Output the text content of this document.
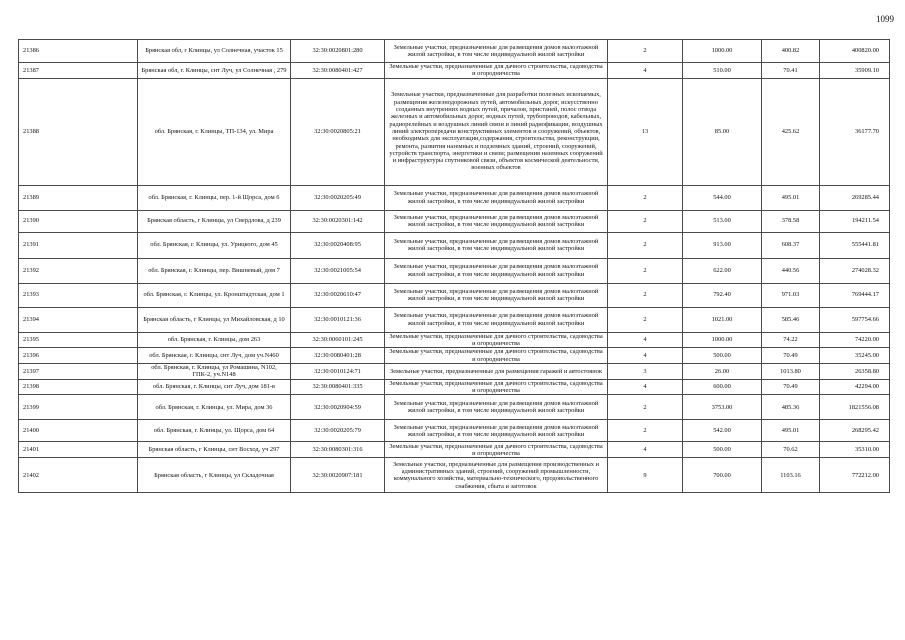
1099
21386	Брянская обл, г Клинцы, ул Солнечная, участок 15	32:30:0020801:280	Земельные участки, предназначенные для размещения домов малоэтажной жилой застройки, в том числе индивидуальной жилой застройки	2	1000.00	400.82	400820.00
21387	Брянская обл, г. Клинцы, снт Луч, ул Солнечная , 279	32:30:0080401:427	Земельные участки, предназначенные для дачного строительства, садоводства и огородничества	4	510.00	70.41	35909.10
21388	обл. Брянская, г. Клинцы, ТП-134, ул. Мира	32:30:0020805:21	Земельные участки, предназначенные для разработки полезных ископаемых, размещения железнодорожных путей, автомобильных дорог, искусственно созданных внутренних водных путей, причалов, пристаней, полос отвода железных и автомобильных дорог, водных путей, трубопроводов, кабельных, радиорелейных и воздушных линий связи и линий радиофикации, воздушных линий электропередачи конструктивных элементов и сооружений, объектов, необходимых для эксплуатации,содержания, строительства, реконструкции, ремонта, развития наземных и подземных зданий, строений, сооружений, устройств транспорта, энергетики и связи; размещения наземных сооружений и инфраструктуры спутниковой связи, объектов космической деятельности, военных объектов	13	85.00	425.62	36177.70
21389	обл. Брянская, г. Клинцы, пер. 1-й Щорса, дом 6	32:30:0020205:49	Земельные участки, предназначенные для размещения домов малоэтажной жилой застройки, в том числе индивидуальной жилой застройки	2	544.00	495.01	269285.44
21390	Брянская область, г Клинцы, ул Свердлова, д 239	32:30:0020301:142	Земельные участки, предназначенные для размещения домов малоэтажной жилой застройки, в том числе индивидуальной жилой застройки	2	513.00	378.58	194211.54
21391	обл. Брянская, г. Клинцы, ул. Урицкого, дом 45	32:30:0020408:95	Земельные участки, предназначенные для размещения домов малоэтажной жилой застройки, в том числе индивидуальной жилой застройки	2	913.00	608.37	555441.81
21392	обл. Брянская, г. Клинцы, пер. Вишневый, дом 7	32:30:0021005:54	Земельные участки, предназначенные для размещения домов малоэтажной жилой застройки, в том числе индивидуальной жилой застройки	2	622.00	440.56	274028.32
21393	обл. Брянская, г. Клинцы, ул. Кронштадтская, дом 1	32:30:0020610:47	Земельные участки, предназначенные для размещения домов малоэтажной жилой застройки, в том числе индивидуальной жилой застройки	2	792.40	971.03	769444.17
21394	Брянская область, г Клинцы, ул Михайловская, д 10	32:30:0010121:36	Земельные участки, предназначенные для размещения домов малоэтажной жилой застройки, в том числе индивидуальной жилой застройки	2	1021.00	585.46	597754.66
21395	обл. Брянская, г. Клинцы, дом 263	32:30:0060101:245	Земельные участки, предназначенные для дачного строительства, садоводства и огородничества	4	1000.00	74.22	74220.00
21396	обл. Брянская, г. Клинцы, снт Луч, дом уч.N460	32:30:0080401:28	Земельные участки, предназначенные для дачного строительства, садоводства и огородничества	4	500.00	70.49	35245.00
21397	обл. Брянская, г. Клинцы, ул Ромашина, N102, ГПК-2, уч.N148	32:30:0010124:71	Земельные участки, предназначенные для размещения гаражей и автостоянок	3	26.00	1013.80	26358.80
21398	обл. Брянская, г. Клинцы, снт Луч, дом 181-в	32:30:0080401:335	Земельные участки, предназначенные для дачного строительства, садоводства и огородничества	4	600.00	70.49	42294.00
21399	обл. Брянская, г. Клинцы, ул. Мира, дом 36	32:30:0020904:59	Земельные участки, предназначенные для размещения домов малоэтажной жилой застройки, в том числе индивидуальной жилой застройки	2	3753.00	485.36	1821556.08
21400	обл. Брянская, г. Клинцы, ул. Щорса, дом 64	32:30:0020205:79	Земельные участки, предназначенные для размещения домов малоэтажной жилой застройки, в том числе индивидуальной жилой застройки	2	542.00	495.01	268295.42
21401	Брянская область, г Клинцы, снт Восход, уч 297	32:30:0080301:316	Земельные участки, предназначенные для дачного строительства, садоводства и огородничества	4	500.00	70.62	35310.00
21402	Брянская область, г Клинцы, ул Складочная	32:30:0020907:181	Земельные участки, предназначенные для размещения производственных и административных зданий, строений, сооружений промышленности, коммунального хозяйства, материально-технического, продовольственного снабжения, сбыта и заготовок	9	700.00	1103.16	772212.00
